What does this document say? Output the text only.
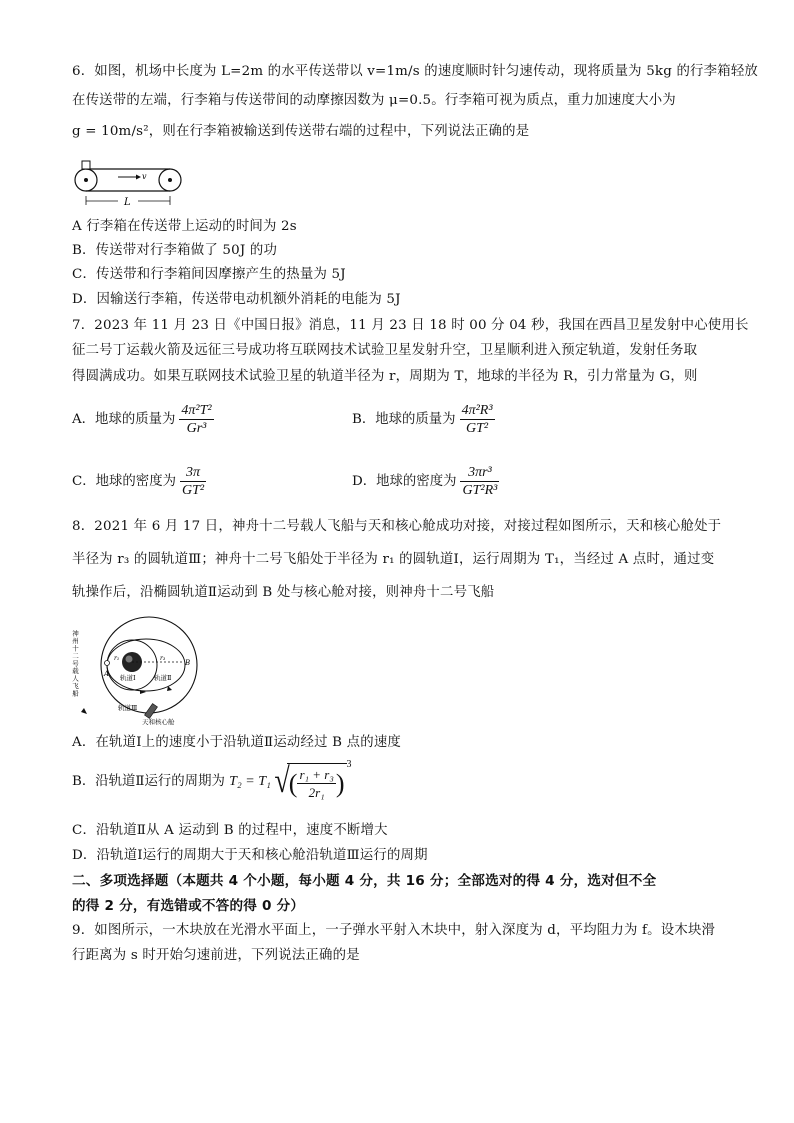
6．如图，机场中长度为 L=2m 的水平传送带以 v=1m/s 的速度顺时针匀速传动，现将质量为 5kg 的行李箱轻放
在传送带的左端，行李箱与传送带间的动摩擦因数为 μ=0.5。行李箱可视为质点，重力加速度大小为
g = 10m/s²，则在行李箱被输送到传送带右端的过程中，下列说法正确的是
v
L
A 行李箱在传送带上运动的时间为 2s
B．传送带对行李箱做了 50J 的功
C．传送带和行李箱间因摩擦产生的热量为 5J
D．因输送行李箱，传送带电动机额外消耗的电能为 5J
7．2023 年 11 月 23 日《中国日报》消息，11 月 23 日 18 时 00 分 04 秒，我国在西昌卫星发射中心使用长
征二号丁运载火箭及远征三号成功将互联网技术试验卫星发射升空，卫星顺利进入预定轨道，发射任务取
得圆满成功。如果互联网技术试验卫星的轨道半径为 r，周期为 T，地球的半径为 R，引力常量为 G，则
A．地球的质量为 $\frac{\text{4π²T²}}{\text{Gr³}}$	B．地球的质量为 $\frac{\text{4π²R³}}{\text{GT²}}$
C．地球的密度为 $\frac{3\pi}{\text{GT²}}$	D．地球的密度为 $\frac{\text{3πr³}}{\text{GT²R³}}$
8．2021 年 6 月 17 日，神舟十二号载人飞船与天和核心舱成功对接，对接过程如图所示，天和核心舱处于
半径为 r₃ 的圆轨道Ⅲ；神舟十二号飞船处于半径为 r₁ 的圆轨道Ⅰ，运行周期为 T₁，当经过 A 点时，通过变
轨操作后，沿椭圆轨道Ⅱ运动到 B 处与核心舱对接，则神舟十二号飞船
A
B
r₁	r₃
轨道Ⅰ	轨道Ⅱ
轨道Ⅲ
天和核心舱
神州十二号载人飞船
A．在轨道Ⅰ上的速度小于沿轨道Ⅱ运动经过 B 点的速度
B．沿轨道Ⅱ运行的周期为 T₂ = T₁ √( $\frac{\text{r₁ + r₃}}{\text{2r₁}} )^3$
C．沿轨道Ⅱ从 A 运动到 B 的过程中，速度不断增大
D．沿轨道Ⅰ运行的周期大于天和核心舱沿轨道Ⅲ运行的周期
二、多项选择题（本题共 4 个小题，每小题 4 分，共 16 分；全部选对的得 4 分，选对但不全
的得 2 分，有选错或不答的得 0 分）
9．如图所示，一木块放在光滑水平面上，一子弹水平射入木块中，射入深度为 d，平均阻力为 f。设木块滑
行距离为 s 时开始匀速前进，下列说法正确的是
